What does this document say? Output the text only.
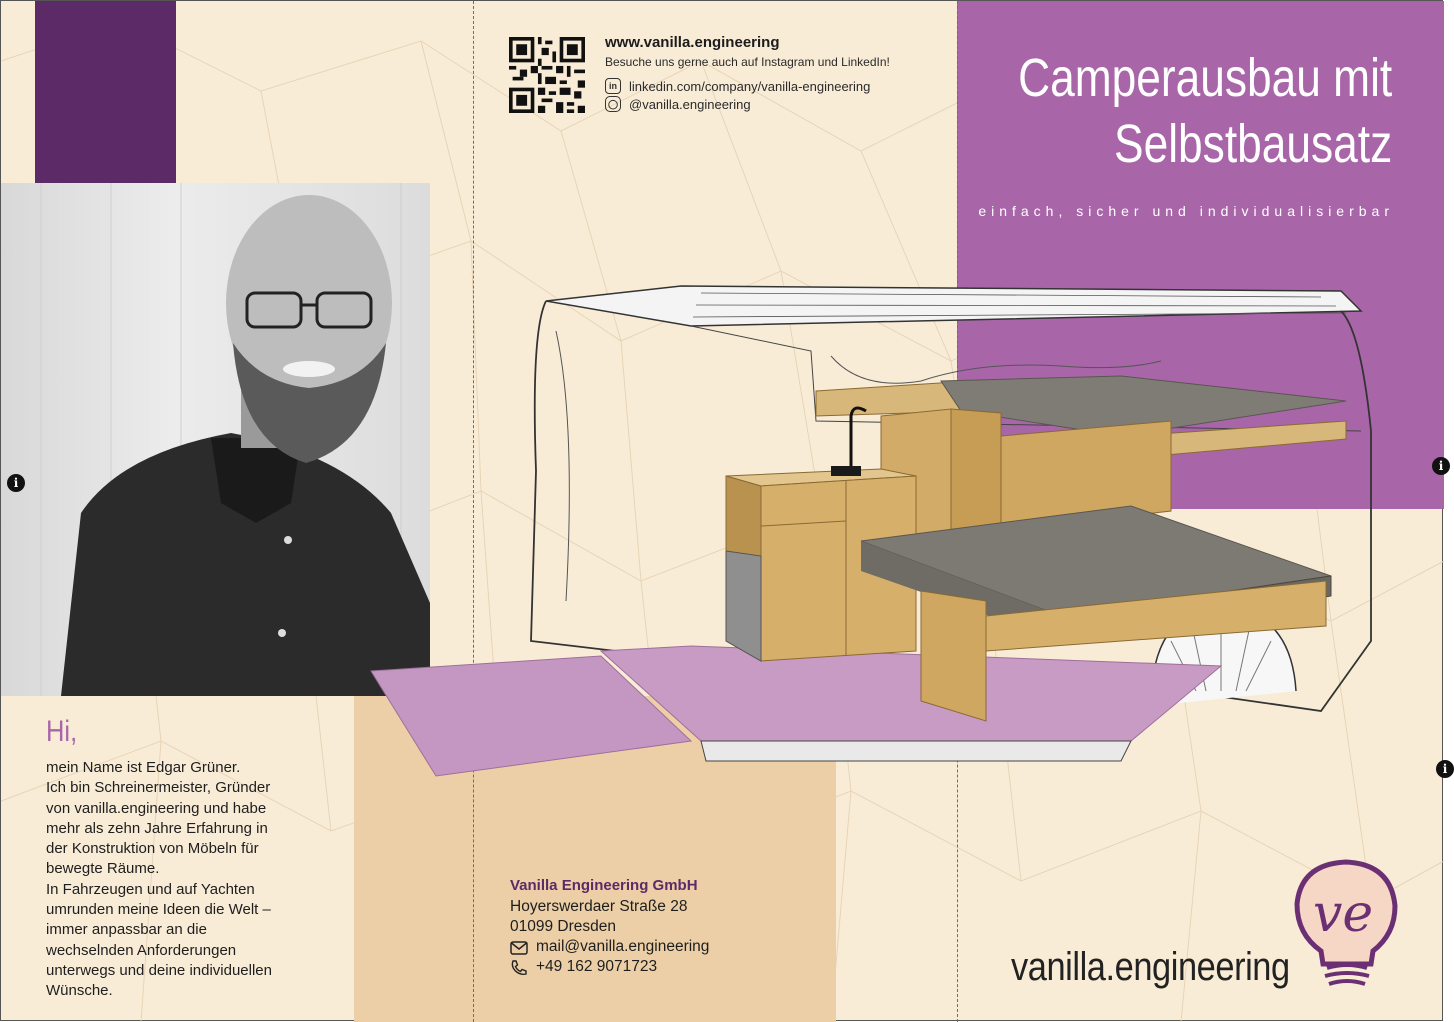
i
i
i
www.vanilla.engineering
Besuche uns gerne auch auf Instagram und LinkedIn!
in linkedin.com/company/vanilla-engineering
◯ @vanilla.engineering	Camperausbau mit
Selbstbausatz
einfach, sicher und individualisierbar
Hi,
mein Name ist Edgar Grüner.
Ich bin Schreinermeister, Gründer
von vanilla.engineering und habe
mehr als zehn Jahre Erfahrung in
der Konstruktion von Möbeln für
bewegte Räume.
In Fahrzeugen und auf Yachten
umrunden meine Ideen die Welt –
immer anpassbar an die
wechselnden Anforderungen
unterwegs und deine individuellen
Wünsche.
Vanilla Engineering GmbH
Hoyerswerdaer Straße 28
01099 Dresden
mail@vanilla.engineering
+49 162 9071723
ve
vanilla.engineering
